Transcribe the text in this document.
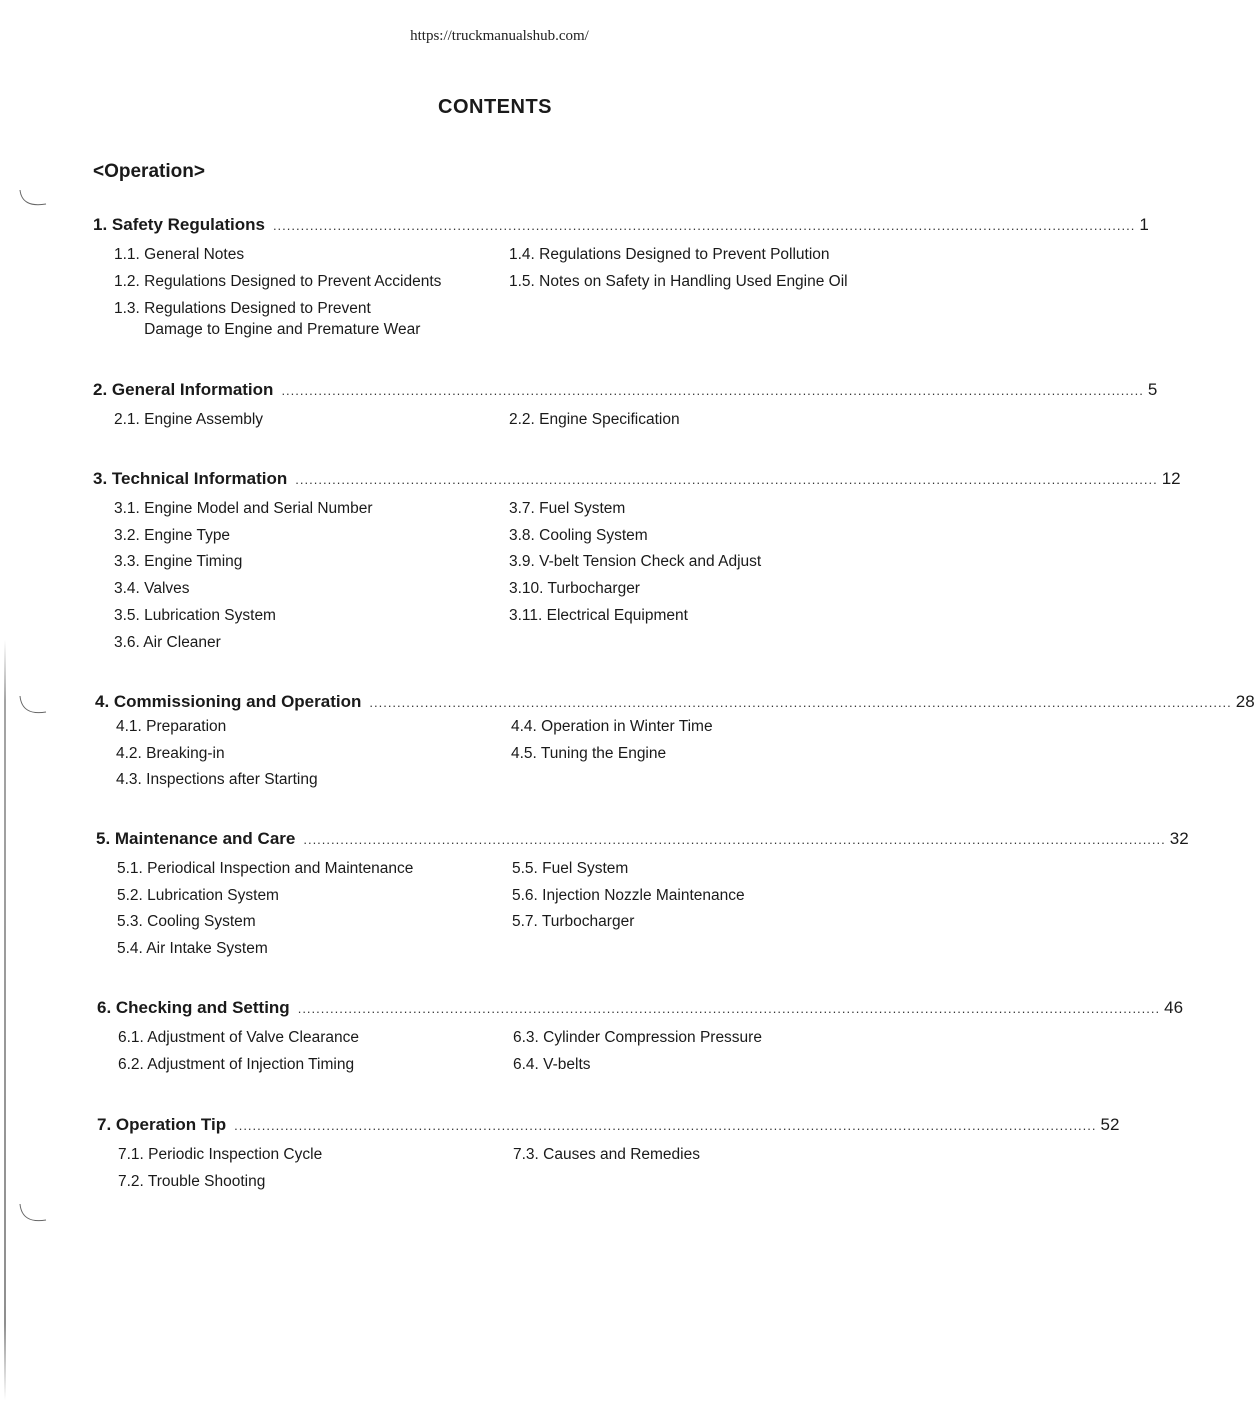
https://truckmanualshub.com/
CONTENTS
<Operation>
1. Safety Regulations ........................................................................................................................................................................................... 1
1.1. General Notes	1.4. Regulations Designed to Prevent Pollution
1.2. Regulations Designed to Prevent Accidents	1.5. Notes on Safety in Handling Used Engine Oil
1.3. Regulations Designed to Prevent
Damage to Engine and Premature Wear
2. General Information ........................................................................................................................................................................................... 5
2.1. Engine Assembly	2.2. Engine Specification
3. Technical Information ........................................................................................................................................................................................... 12
3.1. Engine Model and Serial Number	3.7. Fuel System
3.2. Engine Type	3.8. Cooling System
3.3. Engine Timing	3.9. V-belt Tension Check and Adjust
3.4. Valves	3.10. Turbocharger
3.5. Lubrication System	3.11. Electrical Equipment
3.6. Air Cleaner
4. Commissioning and Operation ........................................................................................................................................................................................... 28
4.1. Preparation	4.4. Operation in Winter Time
4.2. Breaking-in	4.5. Tuning the Engine
4.3. Inspections after Starting
5. Maintenance and Care ........................................................................................................................................................................................... 32
5.1. Periodical Inspection and Maintenance	5.5. Fuel System
5.2. Lubrication System	5.6. Injection Nozzle Maintenance
5.3. Cooling System	5.7. Turbocharger
5.4. Air Intake System
6. Checking and Setting ........................................................................................................................................................................................... 46
6.1. Adjustment of Valve Clearance	6.3. Cylinder Compression Pressure
6.2. Adjustment of Injection Timing	6.4. V-belts
7. Operation Tip ........................................................................................................................................................................................... 52
7.1. Periodic Inspection Cycle	7.3. Causes and Remedies
7.2. Trouble Shooting
